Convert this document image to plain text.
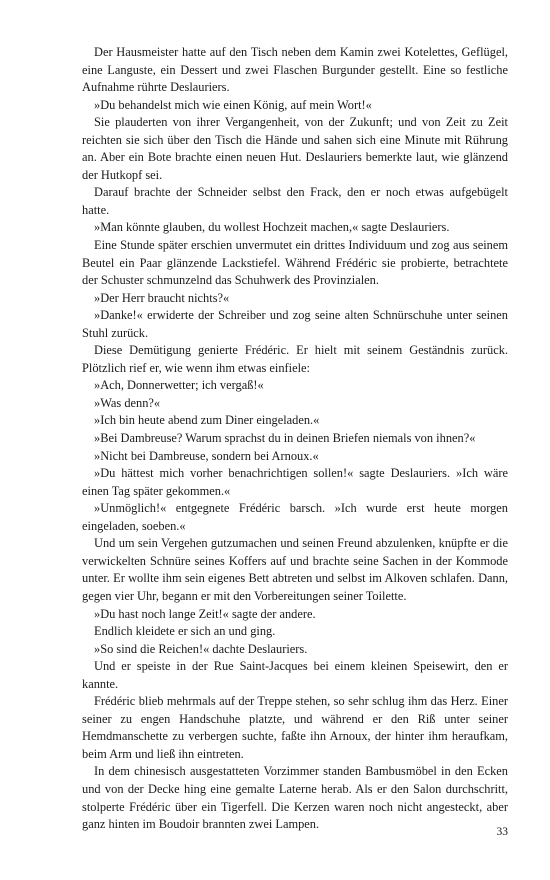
Der Hausmeister hatte auf den Tisch neben dem Kamin zwei Kotelettes, Geflügel, eine Languste, ein Dessert und zwei Flaschen Burgunder gestellt. Eine so festliche Aufnahme rührte Deslauriers.

»Du behandelst mich wie einen König, auf mein Wort!«

Sie plauderten von ihrer Vergangenheit, von der Zukunft; und von Zeit zu Zeit reichten sie sich über den Tisch die Hände und sahen sich eine Minute mit Rührung an. Aber ein Bote brachte einen neuen Hut. Deslauriers bemerkte laut, wie glänzend der Hutkopf sei.

Darauf brachte der Schneider selbst den Frack, den er noch etwas aufgebügelt hatte.

»Man könnte glauben, du wollest Hochzeit machen,« sagte Deslauriers.

Eine Stunde später erschien unvermutet ein drittes Individuum und zog aus seinem Beutel ein Paar glänzende Lackstiefel. Während Frédéric sie probierte, betrachtete der Schuster schmunzelnd das Schuhwerk des Provinzialen.

»Der Herr braucht nichts?«

»Danke!« erwiderte der Schreiber und zog seine alten Schnürschuhe unter seinen Stuhl zurück.

Diese Demütigung genierte Frédéric. Er hielt mit seinem Geständnis zurück. Plötzlich rief er, wie wenn ihm etwas einfiele:

»Ach, Donnerwetter; ich vergaß!«

»Was denn?«

»Ich bin heute abend zum Diner eingeladen.«

»Bei Dambreuse? Warum sprachst du in deinen Briefen niemals von ihnen?«

»Nicht bei Dambreuse, sondern bei Arnoux.«

»Du hättest mich vorher benachrichtigen sollen!« sagte Deslauriers. »Ich wäre einen Tag später gekommen.«

»Unmöglich!« entgegnete Frédéric barsch. »Ich wurde erst heute morgen eingeladen, soeben.«

Und um sein Vergehen gutzumachen und seinen Freund abzulenken, knüpfte er die verwickelten Schnüre seines Koffers auf und brachte seine Sachen in der Kommode unter. Er wollte ihm sein eigenes Bett abtreten und selbst im Alkoven schlafen. Dann, gegen vier Uhr, begann er mit den Vorbereitungen seiner Toilette.

»Du hast noch lange Zeit!« sagte der andere.

Endlich kleidete er sich an und ging.

»So sind die Reichen!« dachte Deslauriers.

Und er speiste in der Rue Saint-Jacques bei einem kleinen Speisewirt, den er kannte.

Frédéric blieb mehrmals auf der Treppe stehen, so sehr schlug ihm das Herz. Einer seiner zu engen Handschuhe platzte, und während er den Riß unter seiner Hemdmanschette zu verbergen suchte, faßte ihn Arnoux, der hinter ihm heraufkam, beim Arm und ließ ihn eintreten.

In dem chinesisch ausgestatteten Vorzimmer standen Bambusmöbel in den Ecken und von der Decke hing eine gemalte Laterne herab. Als er den Salon durchschritt, stolperte Frédéric über ein Tigerfell. Die Kerzen waren noch nicht angesteckt, aber ganz hinten im Boudoir brannten zwei Lampen.

33
